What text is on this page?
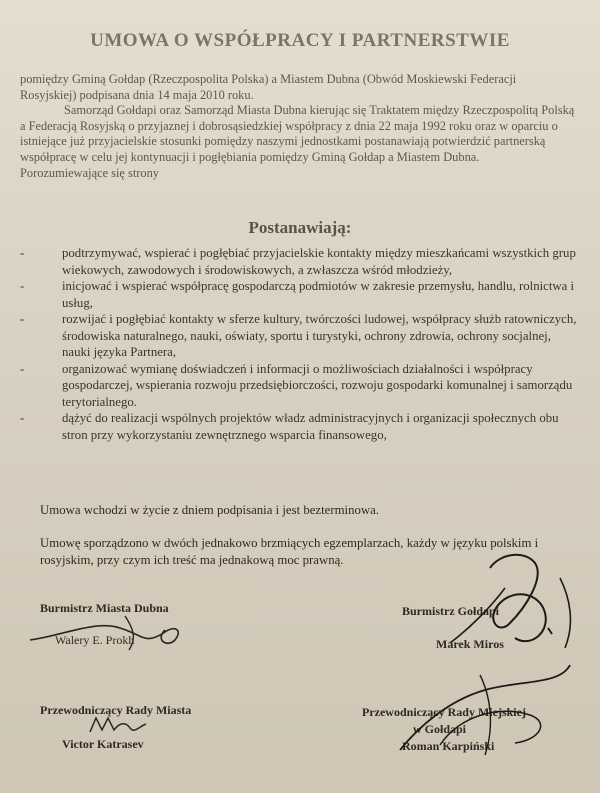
UMOWA O WSPÓŁPRACY I PARTNERSTWIE

pomiędzy Gminą Gołdap (Rzeczpospolita Polska) a Miastem Dubna (Obwód Moskiewski Federacji Rosyjskiej) podpisana dnia 14 maja 2010 roku.

Samorząd Gołdapi oraz Samorząd Miasta Dubna kierując się Traktatem między Rzeczpospolitą Polską a Federacją Rosyjską o przyjaznej i dobrosąsiedzkiej współpracy z dnia 22 maja 1992 roku oraz w oparciu o istniejące już przyjacielskie stosunki pomiędzy naszymi jednostkami postanawiają potwierdzić partnerską współpracę w celu jej kontynuacji i pogłębiania pomiędzy Gminą Gołdap a Miastem Dubna.

Porozumiewające się strony

Postanawiają:
-	podtrzymywać, wspierać i pogłębiać przyjacielskie kontakty między mieszkańcami wszystkich grup wiekowych, zawodowych i środowiskowych, a zwłaszcza wśród młodzieży,
-	inicjować i wspierać współpracę gospodarczą podmiotów w zakresie przemysłu, handlu, rolnictwa i usług,
-	rozwijać i pogłębiać kontakty w sferze kultury, twórczości ludowej, współpracy służb ratowniczych, środowiska naturalnego, nauki, oświaty, sportu i turystyki, ochrony zdrowia, ochrony socjalnej, nauki języka Partnera,
-	organizować wymianę doświadczeń i informacji o możliwościach działalności i współpracy gospodarczej, wspierania rozwoju przedsiębiorczości, rozwoju gospodarki komunalnej i samorządu terytorialnego.
-	dążyć do realizacji wspólnych projektów władz administracyjnych i organizacji społecznych obu stron przy wykorzystaniu zewnętrznego wsparcia finansowego,
Umowa wchodzi w życie z dniem podpisania i jest bezterminowa.
Umowę sporządzono w dwóch jednakowo brzmiących egzemplarzach, każdy w języku polskim i rosyjskim, przy czym ich treść ma jednakową moc prawną.
Burmistrz Miasta Dubna
Walery E. Prokh
Przewodniczący Rady Miasta
Victor Katrasev
Burmistrz Gołdapi
Marek Miros
Przewodniczący Rady Miejskiej
w Gołdapi
Roman Karpiński
